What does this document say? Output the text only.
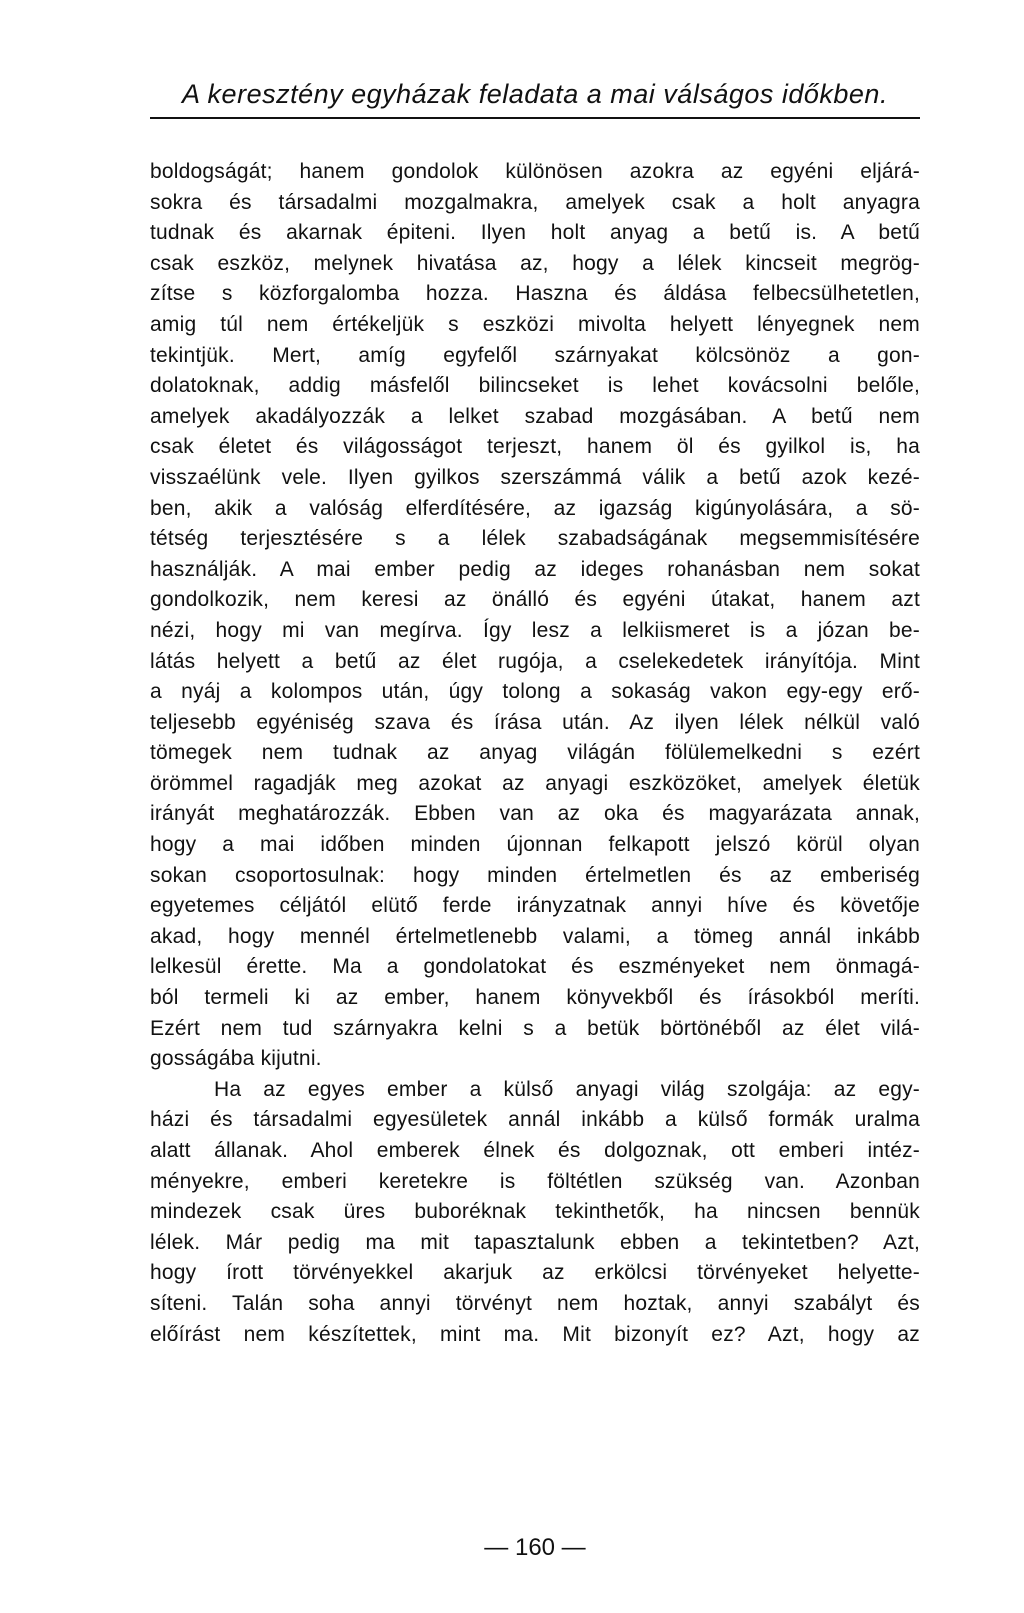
A keresztény egyházak feladata a mai válságos időkben.
boldogságát; hanem gondolok különösen azokra az egyéni eljárá-
sokra és társadalmi mozgalmakra, amelyek csak a holt anyagra
tudnak és akarnak épiteni. Ilyen holt anyag a betű is. A betű
csak eszköz, melynek hivatása az, hogy a lélek kincseit megrög-
zítse s közforgalomba hozza. Haszna és áldása felbecsülhetetlen,
amig túl nem értékeljük s eszközi mivolta helyett lényegnek nem
tekintjük. Mert, amíg egyfelől szárnyakat kölcsönöz a gon-
dolatoknak, addig másfelől bilincseket is lehet kovácsolni belőle,
amelyek akadályozzák a lelket szabad mozgásában. A betű nem
csak életet és világosságot terjeszt, hanem öl és gyilkol is, ha
visszaélünk vele. Ilyen gyilkos szerszámmá válik a betű azok kezé-
ben, akik a valóság elferdítésére, az igazság kigúnyolására, a sö-
tétség terjesztésére s a lélek szabadságának megsemmisítésére
használják. A mai ember pedig az ideges rohanásban nem sokat
gondolkozik, nem keresi az önálló és egyéni útakat, hanem azt
nézi, hogy mi van megírva. Így lesz a lelkiismeret is a józan be-
látás helyett a betű az élet rugója, a cselekedetek irányítója. Mint
a nyáj a kolompos után, úgy tolong a sokaság vakon egy-egy erő-
teljesebb egyéniség szava és írása után. Az ilyen lélek nélkül való
tömegek nem tudnak az anyag világán fölülemelkedni s ezért
örömmel ragadják meg azokat az anyagi eszközöket, amelyek életük
irányát meghatározzák. Ebben van az oka és magyarázata annak,
hogy a mai időben minden újonnan felkapott jelszó körül olyan
sokan csoportosulnak: hogy minden értelmetlen és az emberiség
egyetemes céljától elütő ferde irányzatnak annyi híve és követője
akad, hogy mennél értelmetlenebb valami, a tömeg annál inkább
lelkesül érette. Ma a gondolatokat és eszményeket nem önmagá-
ból termeli ki az ember, hanem könyvekből és írásokból meríti.
Ezért nem tud szárnyakra kelni s a betük börtönéből az élet vilá-
gosságába kijutni.
Ha az egyes ember a külső anyagi világ szolgája: az egy-
házi és társadalmi egyesületek annál inkább a külső formák uralma
alatt állanak. Ahol emberek élnek és dolgoznak, ott emberi intéz-
ményekre, emberi keretekre is föltétlen szükség van. Azonban
mindezek csak üres buboréknak tekinthetők, ha nincsen bennük
lélek. Már pedig ma mit tapasztalunk ebben a tekintetben? Azt,
hogy írott törvényekkel akarjuk az erkölcsi törvényeket helyette-
síteni. Talán soha annyi törvényt nem hoztak, annyi szabályt és
előírást nem készítettek, mint ma. Mit bizonyít ez? Azt, hogy az
— 160 —
